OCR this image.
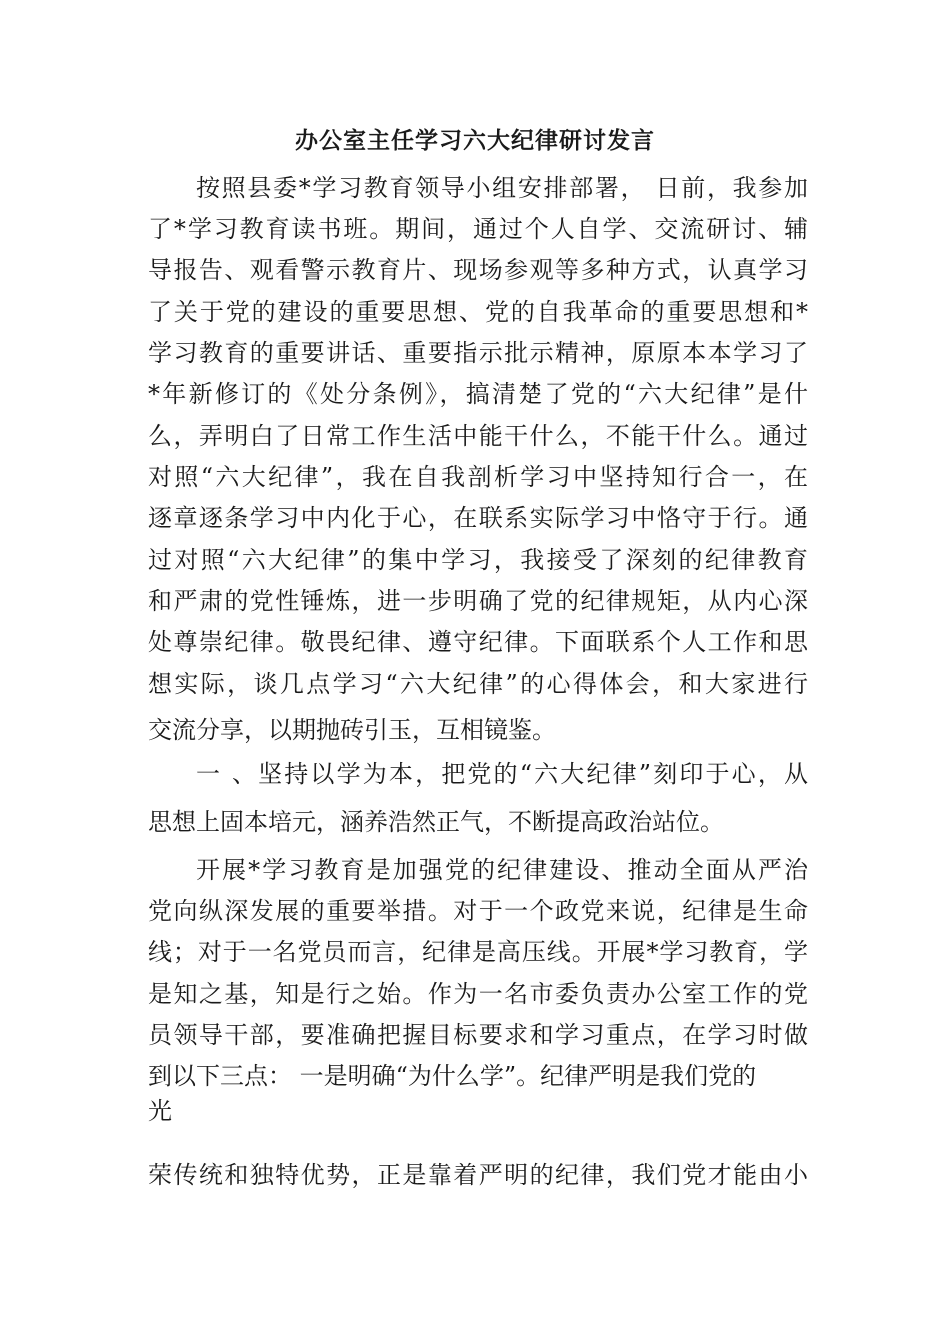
办公室主任学习六大纪律研讨发言
按照县委*学习教育领导小组安排部署， 日前，我参加
了*学习教育读书班。期间，通过个人自学、交流研讨、辅
导报告、观看警示教育片、现场参观等多种方式，认真学习
了关于党的建设的重要思想、党的自我革命的重要思想和*
学习教育的重要讲话、重要指示批示精神，原原本本学习了
*年新修订的《处分条例》，搞清楚了党的“六大纪律”是什
么，弄明白了日常工作生活中能干什么，不能干什么。通过
对照“六大纪律”，我在自我剖析学习中坚持知行合一，在
逐章逐条学习中内化于心，在联系实际学习中恪守于行。通
过对照“六大纪律”的集中学习，我接受了深刻的纪律教育
和严肃的党性锤炼，进一步明确了党的纪律规矩，从内心深
处尊崇纪律。敬畏纪律、遵守纪律。下面联系个人工作和思
想实际，谈几点学习“六大纪律”的心得体会，和大家进行
交流分享，以期抛砖引玉，互相镜鉴。
一 、坚持以学为本，把党的“六大纪律”刻印于心，从
思想上固本培元，涵养浩然正气，不断提高政治站位。
开展*学习教育是加强党的纪律建设、推动全面从严治
党向纵深发展的重要举措。对于一个政党来说，纪律是生命
线；对于一名党员而言，纪律是高压线。开展*学习教育，学
是知之基，知是行之始。作为一名市委负责办公室工作的党
员领导干部，要准确把握目标要求和学习重点，在学习时做
到以下三点： 一是明确“为什么学”。纪律严明是我们党的
光
荣传统和独特优势，正是靠着严明的纪律，我们党才能由小
